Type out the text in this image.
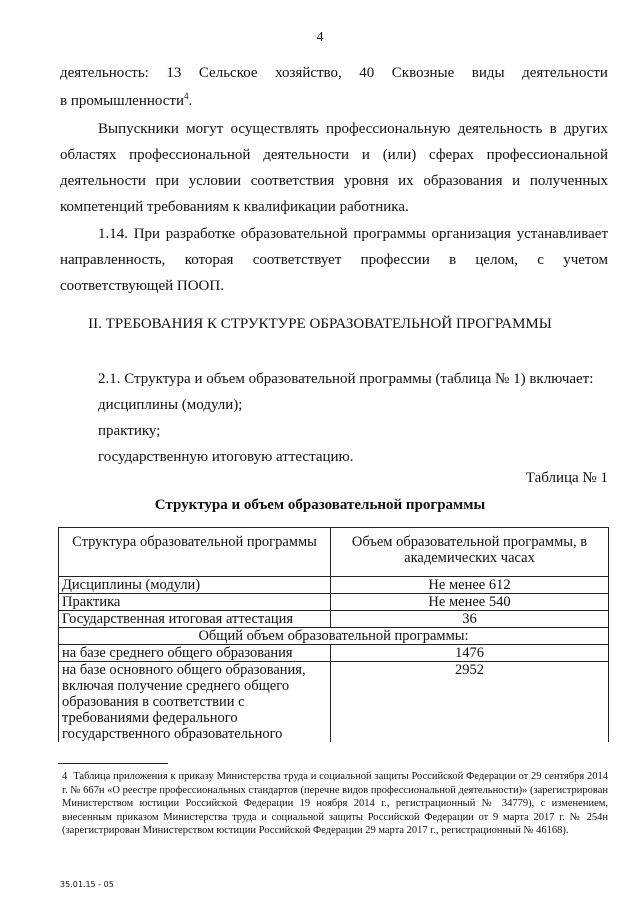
4
деятельность: 13 Сельское хозяйство, 40 Сквозные виды деятельности
в промышленности$^4$.
Выпускники могут осуществлять профессиональную деятельность в других
областях профессиональной деятельности и (или) сферах профессиональной
деятельности при условии соответствия уровня их образования и полученных
компетенций требованиям к квалификации работника.
1.14. При разработке образовательной программы организация устанавливает
направленность, которая соответствует профессии в целом, с учетом
соответствующей ПООП.
II. ТРЕБОВАНИЯ К СТРУКТУРЕ ОБРАЗОВАТЕЛЬНОЙ ПРОГРАММЫ
2.1. Структура и объем образовательной программы (таблица № 1) включает:
дисциплины (модули);
практику;
государственную итоговую аттестацию.
Таблица № 1
Структура и объем образовательной программы
Структура образовательной программы	Объем образовательной программы, в академических часах
Дисциплины (модули)	Не менее 612
Практика	Не менее 540
Государственная итоговая аттестация	36
Общий объем образовательной программы:	
на базе среднего общего образования	1476
на базе основного общего образования, включая получение среднего общего образования в соответствии с требованиями федерального государственного образовательного	2952
4 Таблица приложения к приказу Министерства труда и социальной защиты Российской Федерации от 29 сентября 2014 г. № 667н «О реестре профессиональных стандартов (перечне видов профессиональной деятельности)» (зарегистрирован Министерством юстиции Российской Федерации 19 ноября 2014 г., регистрационный № 34779), с изменением, внесенным приказом Министерства труда и социальной защиты Российской Федерации от 9 марта 2017 г. № 254н (зарегистрирован Министерством юстиции Российской Федерации 29 марта 2017 г., регистрационный № 46168).
35.01.15 - 05
